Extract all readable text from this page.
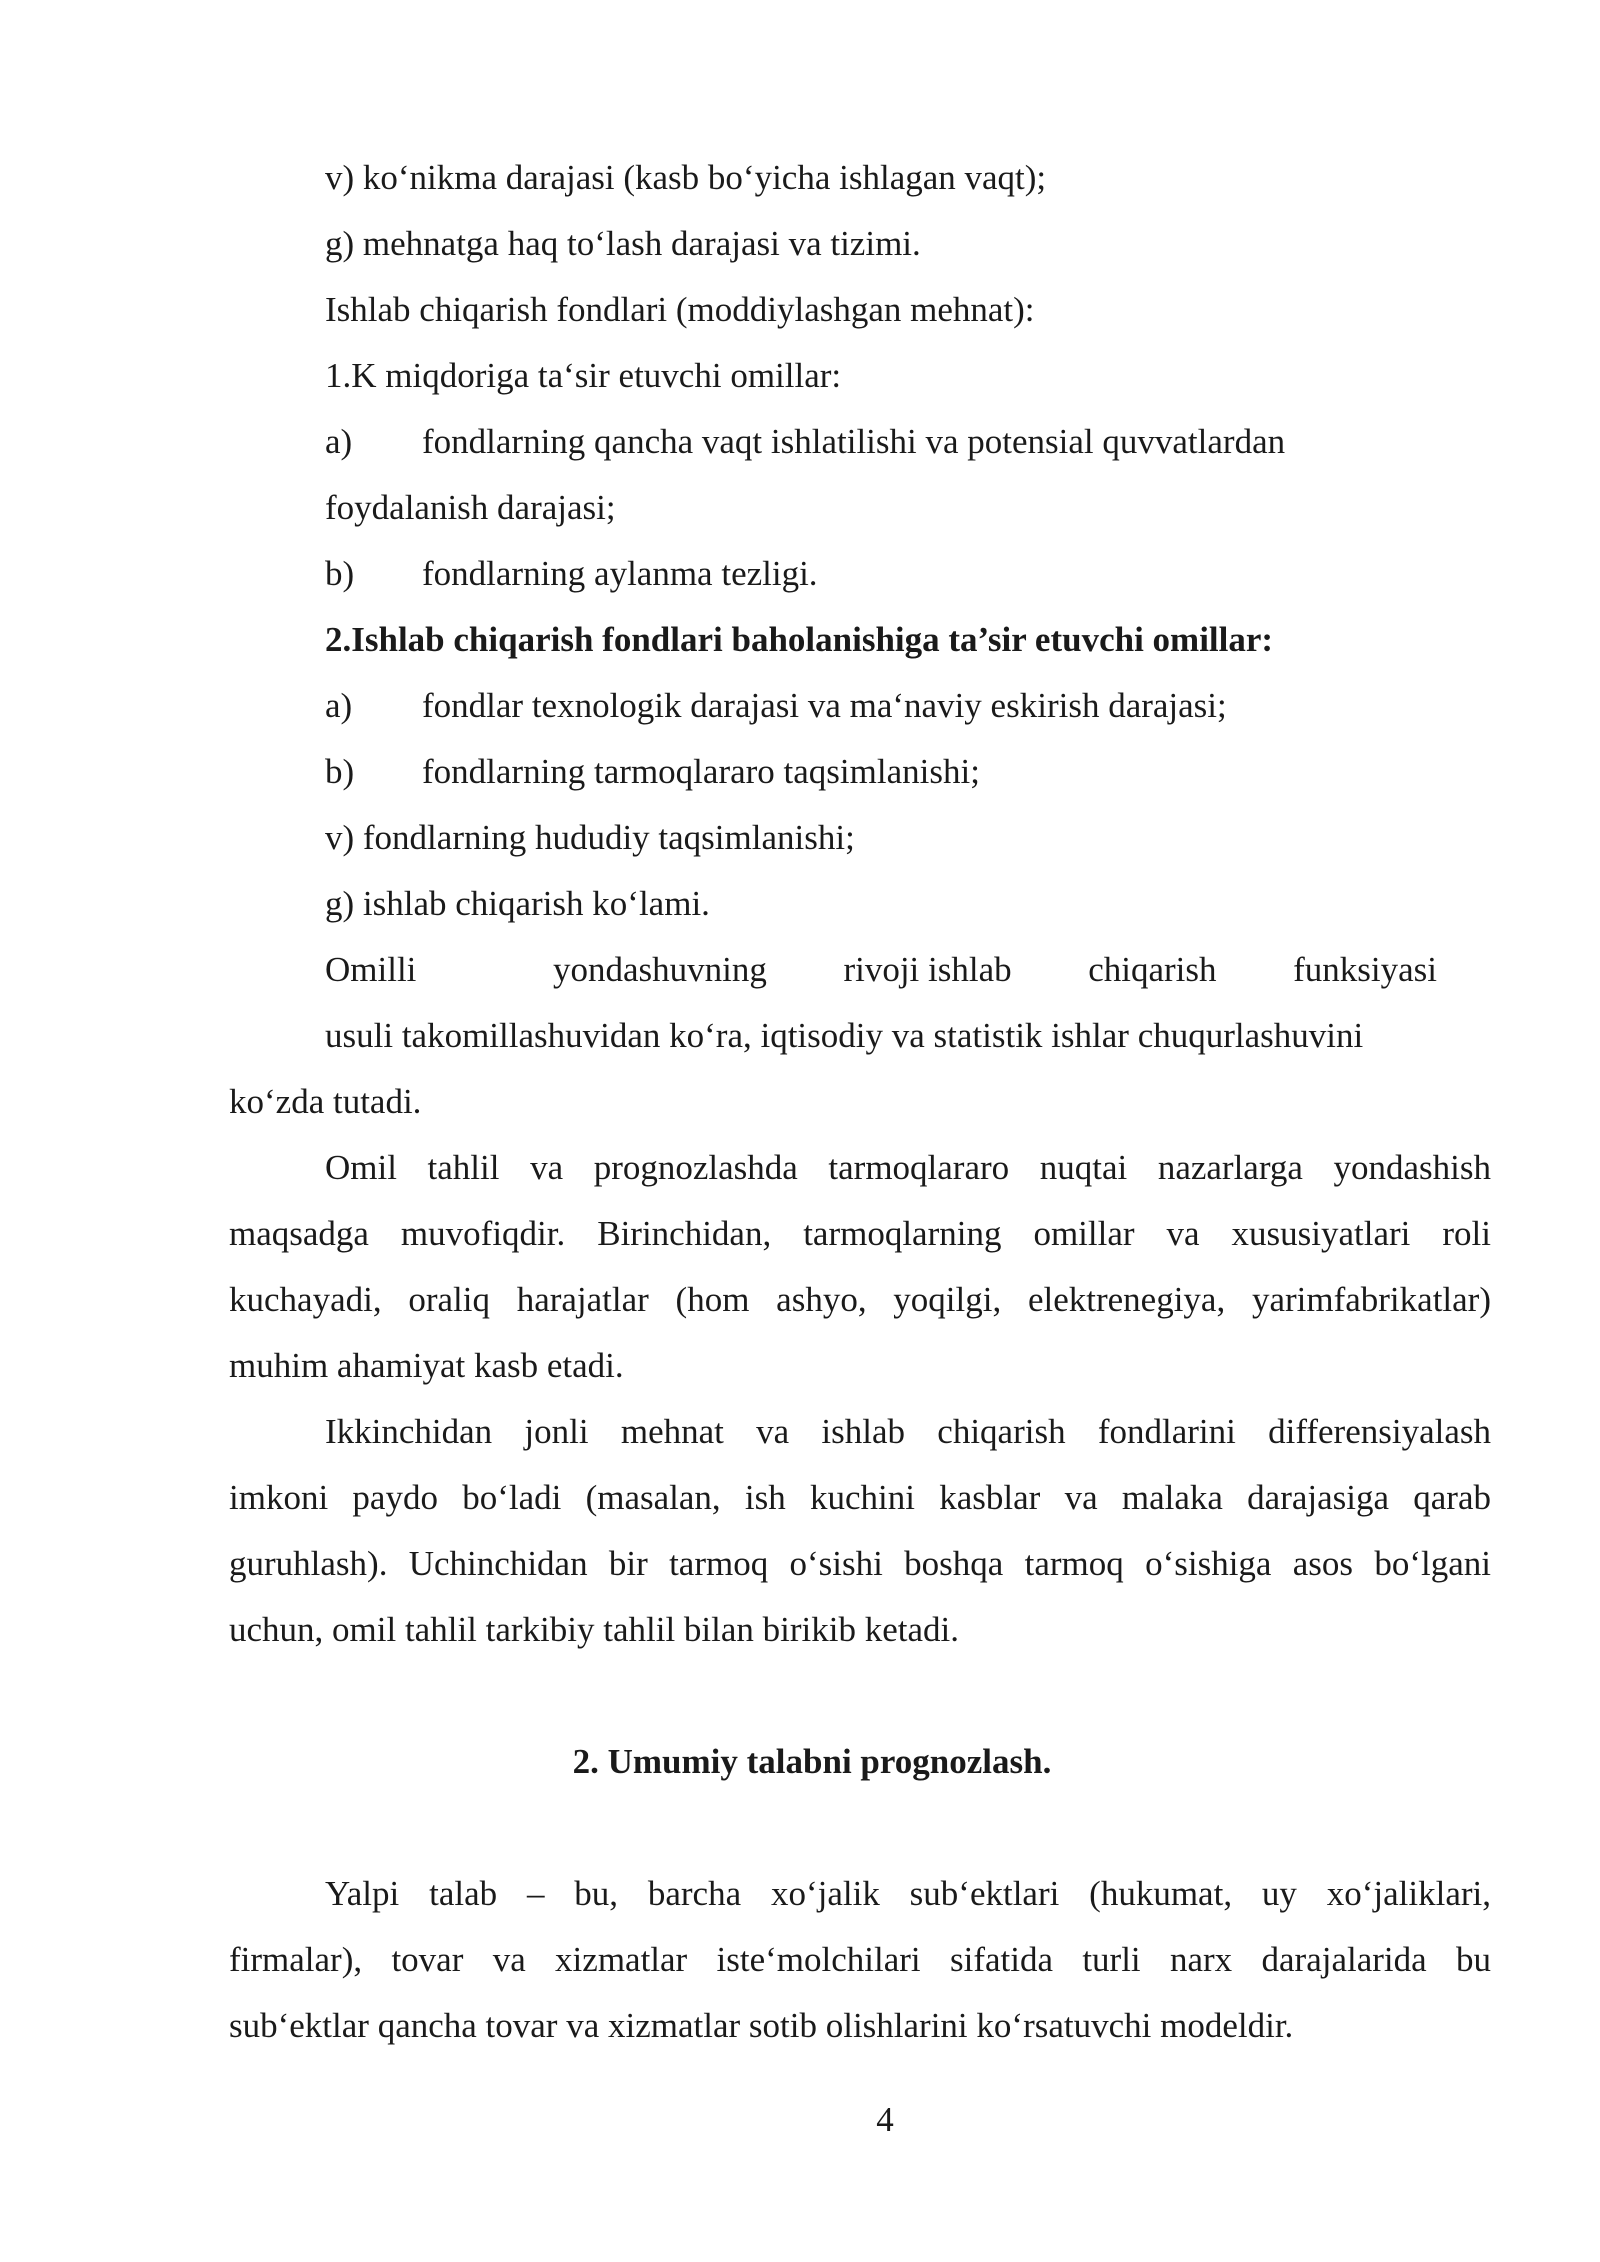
v) koʻnikma darajasi (kasb boʻyicha ishlagan vaqt);
g) mehnatga haq toʻlash darajasi va tizimi.
Ishlab chiqarish fondlari (moddiylashgan mehnat):
1.K miqdoriga taʻsir etuvchi omillar:
a) fondlarning qancha vaqt ishlatilishi va potensial quvvatlardan
foydalanish darajasi;
b) fondlarning aylanma tezligi.
2.Ishlab chiqarish fondlari baholanishiga ta’sir etuvchi omillar:
a) fondlar texnologik darajasi va maʻnaviy eskirish darajasi;
b) fondlarning tarmoqlararo taqsimlanishi;
v) fondlarning hududiy taqsimlanishi;
g) ishlab chiqarish koʻlami.
Omilli	yondashuvning rivoji ishlab chiqarish funksiyasi
usuli takomillashuvidan koʻra, iqtisodiy va statistik ishlar chuqurlashuvini
koʻzda tutadi.
Omil tahlil va prognozlashda tarmoqlararo nuqtai nazarlarga yondashish
maqsadga muvofiqdir. Birinchidan, tarmoqlarning omillar va xususiyatlari roli
kuchayadi, oraliq harajatlar (hom ashyo, yoqilgi, elektrenegiya, yarimfabrikatlar)
muhim ahamiyat kasb etadi.
Ikkinchidan jonli mehnat va ishlab chiqarish fondlarini differensiyalash
imkoni paydo boʻladi (masalan, ish kuchini kasblar va malaka darajasiga qarab
guruhlash). Uchinchidan bir tarmoq oʻsishi boshqa tarmoq oʻsishiga asos boʻlgani
uchun, omil tahlil tarkibiy tahlil bilan birikib ketadi.
2. Umumiy talabni prognozlash.
Yalpi talab – bu, barcha xoʻjalik subʻektlari (hukumat, uy xoʻjaliklari,
firmalar), tovar va xizmatlar isteʻmolchilari sifatida turli narx darajalarida bu
subʻektlar qancha tovar va xizmatlar sotib olishlarini koʻrsatuvchi modeldir.
4
